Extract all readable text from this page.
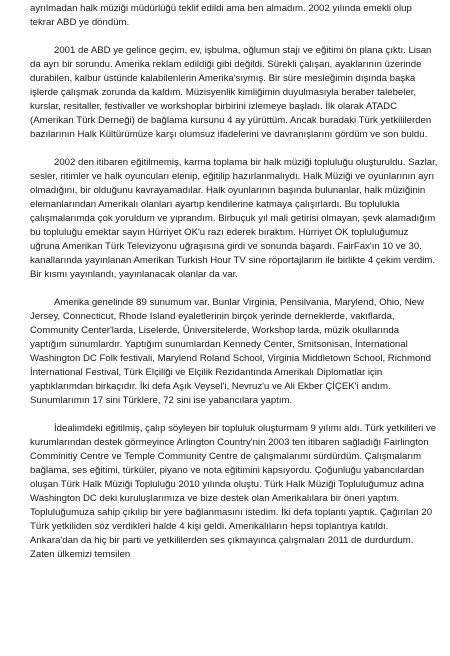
ayrılmadan halk müziği müdürlüğü teklif edildi ama ben almadım. 2002 yılında emekli olup tekrar ABD ye döndüm.

2001 de ABD ye gelince geçim, ev, işbulma, oğlumun stajı ve eğitimi ön plana çıktı. Lisan da ayrı bir sorundu. Amerika reklam edildiği gibi değildi. Sürekli çalışan, ayaklarının üzerinde durabilen, kalbur üstünde kalabilenlerin Amerika'sıymış. Bir süre mesleğimin dışında başka işlerde çalışmak zorunda da kaldım. Müzisyenlik kimliğimin duyulmasıyla beraber talebeler, kurslar, resitaller, festivaller ve workshoplar birbirini izlemeye başladı. İlk olarak ATADC (Amerikan Türk Derneği) de bağlama kursunu 4 ay yürüttüm. Ancak buradaki Türk yetkililerden bazılarının Halk Kültürümüze karşı olumsuz ifadelerini ve davranışlarını gördüm ve son buldu.

2002 den itibaren eğitilmemiş, karma toplama bir halk müziği topluluğu oluşturuldu. Sazlar, sesler, ritimler ve halk oyuncuları elenip, eğitilip hazırlanmalıydı. Halk Müziği ve oyunlarının ayrı olmadığını, bir olduğunu kavrayamadılar. Halk oyunlarının başında bulunanlar, halk müziğinin elemanlarından Amerikalı olanları ayartıp kendilerine katmaya çalışırlardı. Bu toplulukla çalışmalarımda çok yoruldum ve yıprandım. Birbuçuk yıl mali getirisi olmayan, şevk alamadığım bu topluluğu emektar sayın Hürriyet OK'u razı ederek bıraktım. Hürriyet OK topluluğumuz uğruna Amerikan Türk Televizyonu uğraşısına girdi ve sonunda başardı. FairFax'ın 10 ve 30. kanallarında yayınlanan Amerikan Turkish Hour TV sine röportajlarım ile birlikte 4 çekim verdim. Bir kısmı yayınlandı, yayınlanacak olanlar da var.

Amerika genelinde 89 sunumum var. Bunlar Virginia, Pensilvania, Marylend, Ohio, New Jersey, Connecticut, Rhode Island eyaletlerinin birçok yerinde derneklerde, vakıflarda, Community Center'larda, Liselerde, Üniversitelerde, Workshop larda, müzik okullarında yaptığım sunumlardır. Yaptığım sunumlardan Kennedy Center, Smitsonisan, İnternational Washington DC Folk festivali, Marylend Roland School, Virginia Middletown School, Richmond İnternational Festival, Türk Elçiliği ve Elçilik Rezidantında Amerikalı Diplomatlar için yaptıklarımdan birkaçıdır. İki defa Aşık Veysel'i, Nevruz'u ve Ali Ekber ÇİÇEK'i andım. Sunumlarımın 17 sini Türklere, 72 sini ise yabancılara yaptım.

İdealimdeki eğitilmiş, çalıp söyleyen bir topluluk oluşturmam 9 yılımı aldı. Türk yetkilileri ve kurumlarından destek görmeyince Arlington Country'nin 2003 ten itibaren sağladığı Fairlington Comminitiy Centre ve Temple Community Centre de çalışmalarımı sürdürdüm. Çalışmalarım bağlama, ses eğitimi, türküler, piyano ve nota eğitimini kapsıyordu. Çoğunluğu yabancılardan oluşan Türk Halk Müziği Topluluğu 2010 yılında oluştu. Türk Halk Müziği Topluluğumuz adına Washington DC deki kuruluşlarımıza ve bize destek olan Amerikalılara bir öneri yaptım. Topluluğumuza sahip çıkılıp bir yere bağlanmasını istedim. İki defa toplantı yaptık. Çağırılan 20 Türk yetkiliden söz verdikleri halde 4 kişi geldi. Amerikalıların hepsi toplantıya katıldı. Ankara'dan da hiç bir parti ve yetkililerden ses çıkmayınca çalışmaları 2011 de durdurdum. Zaten ülkemizi temsilen
